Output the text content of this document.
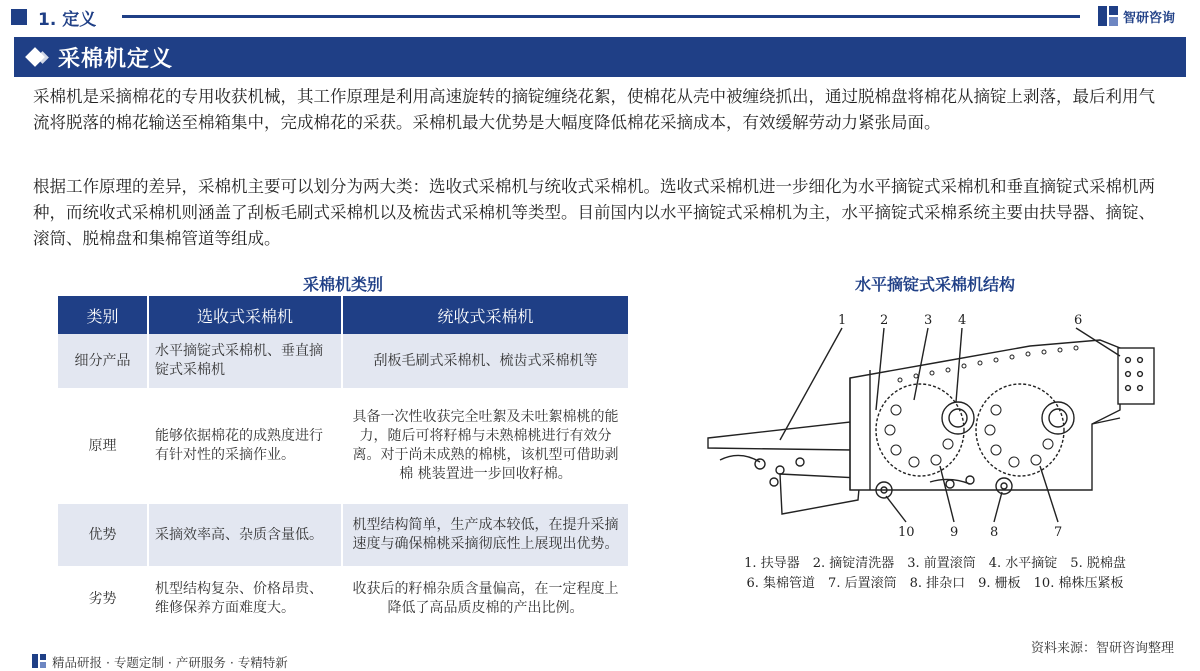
1. 定义	智研咨询
采棉机定义

采棉机是采摘棉花的专用收获机械，其工作原理是利用高速旋转的摘锭缠绕花絮，使棉花从壳中被缠绕抓出，通过脱棉盘将棉花从摘锭上剥落，最后利用气流将脱落的棉花输送至棉箱集中，完成棉花的采获。采棉机最大优势是大幅度降低棉花采摘成本，有效缓解劳动力紧张局面。

根据工作原理的差异，采棉机主要可以划分为两大类：选收式采棉机与统收式采棉机。选收式采棉机进一步细化为水平摘锭式采棉机和垂直摘锭式采棉机两种，而统收式采棉机则涵盖了刮板毛刷式采棉机以及梳齿式采棉机等类型。目前国内以水平摘锭式采棉机为主，水平摘锭式采棉系统主要由扶导器、摘锭、滚筒、脱棉盘和集棉管道等组成。

采棉机类别
类别	选收式采棉机	统收式采棉机
细分产品	水平摘锭式采棉机、垂直摘锭式采棉机	刮板毛刷式采棉机、梳齿式采棉机等
原理	能够依据棉花的成熟度进行有针对性的采摘作业。	具备一次性收获完全吐絮及未吐絮棉桃的能力，随后可将籽棉与未熟棉桃进行有效分离。对于尚未成熟的棉桃，该机型可借助剥棉 桃装置进一步回收籽棉。
优势	采摘效率高、杂质含量低。	机型结构简单，生产成本较低，在提升采摘速度与确保棉桃采摘彻底性上展现出优势。
劣势	机型结构复杂、价格昂贵、维修保养方面难度大。	收获后的籽棉杂质含量偏高，在一定程度上降低了高品质皮棉的产出比例。
水平摘锭式采棉机结构
1	2	3 4	6
10	9 8	7
1. 扶导器　2. 摘锭清洗器　3. 前置滚筒　4. 水平摘锭　5. 脱棉盘
6. 集棉管道　7. 后置滚筒　8. 排杂口　9. 栅板　10. 棉株压紧板
资料来源：智研咨询整理
精品研报 · 专题定制 · 产研服务 · 专精特新
